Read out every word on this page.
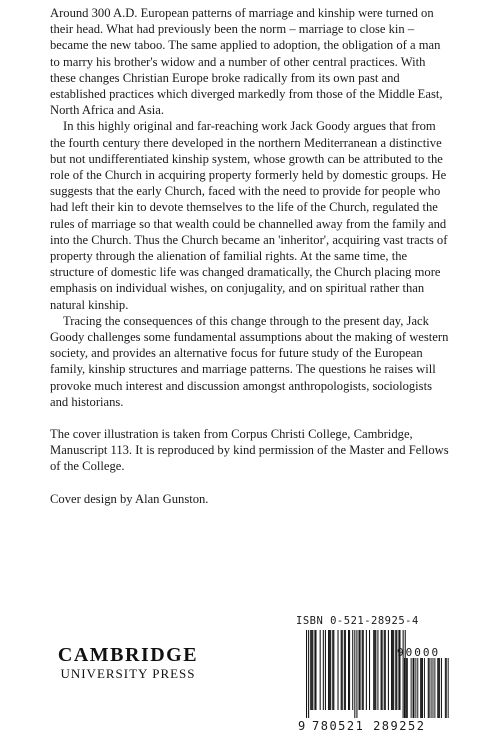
Around 300 A.D. European patterns of marriage and kinship were turned on their head. What had previously been the norm – marriage to close kin – became the new taboo. The same applied to adoption, the obligation of a man to marry his brother's widow and a number of other central practices. With these changes Christian Europe broke radically from its own past and established practices which diverged markedly from those of the Middle East, North Africa and Asia.

In this highly original and far-reaching work Jack Goody argues that from the fourth century there developed in the northern Mediterranean a distinctive but not undifferentiated kinship system, whose growth can be attributed to the role of the Church in acquiring property formerly held by domestic groups. He suggests that the early Church, faced with the need to provide for people who had left their kin to devote themselves to the life of the Church, regulated the rules of marriage so that wealth could be channelled away from the family and into the Church. Thus the Church became an 'inheritor', acquiring vast tracts of property through the alienation of familial rights. At the same time, the structure of domestic life was changed dramatically, the Church placing more emphasis on individual wishes, on conjugality, and on spiritual rather than natural kinship.

Tracing the consequences of this change through to the present day, Jack Goody challenges some fundamental assumptions about the making of western society, and provides an alternative focus for future study of the European family, kinship structures and marriage patterns. The questions he raises will provoke much interest and discussion amongst anthropologists, sociologists and historians.

The cover illustration is taken from Corpus Christi College, Cambridge, Manuscript 113. It is reproduced by kind permission of the Master and Fellows of the College.

Cover design by Alan Gunston.

CAMBRIDGE
UNIVERSITY PRESS
ISBN 0-521-28925-4
90000
9 780521 289252
